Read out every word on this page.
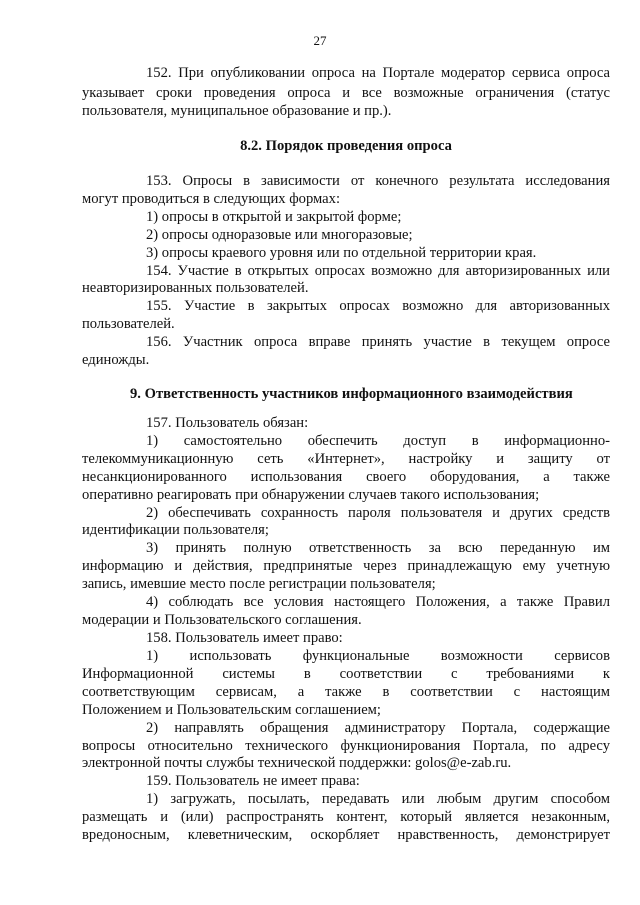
27
152. При опубликовании опроса на Портале модератор сервиса опроса
указывает сроки проведения опроса и все возможные ограничения (статус
пользователя, муниципальное образование и пр.).
8.2. Порядок проведения опроса
153. Опросы в зависимости от конечного результата исследования
могут проводиться в следующих формах:
1) опросы в открытой и закрытой форме;
2) опросы одноразовые или многоразовые;
3) опросы краевого уровня или по отдельной территории края.
154. Участие в открытых опросах возможно для авторизированных или
неавторизированных пользователей.
155. Участие в закрытых опросах возможно для авторизованных
пользователей.
156. Участник опроса вправе принять участие в текущем опросе
единожды.
9. Ответственность участников информационного взаимодействия
157. Пользователь обязан:
1) самостоятельно обеспечить доступ в информационно-
телекоммуникационную сеть «Интернет», настройку и защиту от
несанкционированного использования своего оборудования, а также
оперативно реагировать при обнаружении случаев такого использования;
2) обеспечивать сохранность пароля пользователя и других средств
идентификации пользователя;
3) принять полную ответственность за всю переданную им
информацию и действия, предпринятые через принадлежащую ему учетную
запись, имевшие место после регистрации пользователя;
4) соблюдать все условия настоящего Положения, а также Правил
модерации и Пользовательского соглашения.
158. Пользователь имеет право:
1) использовать функциональные возможности сервисов
Информационной системы в соответствии с требованиями к
соответствующим сервисам, а также в соответствии с настоящим
Положением и Пользовательским соглашением;
2) направлять обращения администратору Портала, содержащие
вопросы относительно технического функционирования Портала, по адресу
электронной почты службы технической поддержки: golos@e-zab.ru.
159. Пользователь не имеет права:
1) загружать, посылать, передавать или любым другим способом
размещать и (или) распространять контент, который является незаконным,
вредоносным, клеветническим, оскорбляет нравственность, демонстрирует
